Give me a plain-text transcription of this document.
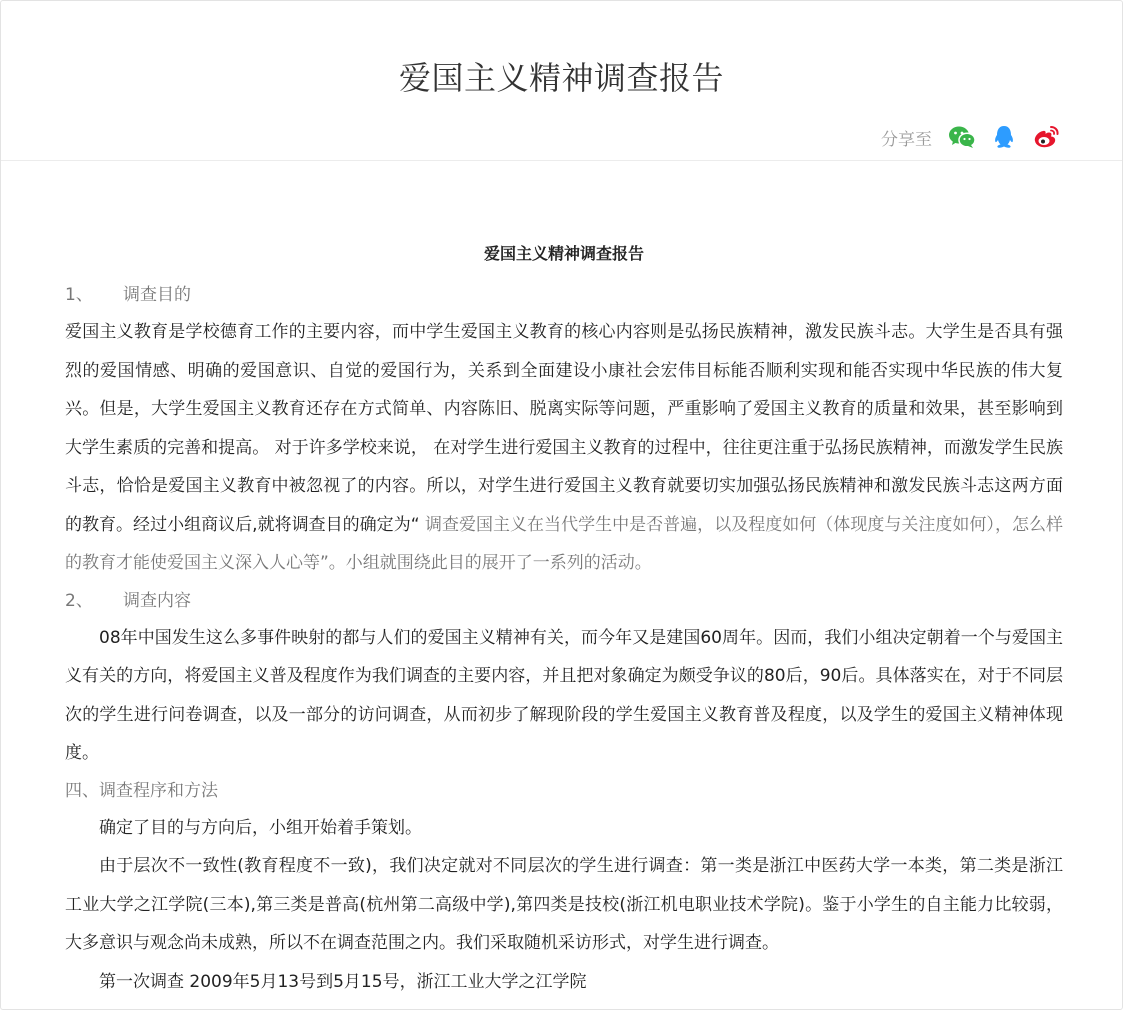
爱国主义精神调查报告
分享至
爱国主义精神调查报告

1、 调查目的

爱国主义教育是学校德育工作的主要内容，而中学生爱国主义教育的核心内容则是弘扬民族精神，激发民族斗志。大学生是否具有强烈的爱国情感、明确的爱国意识、自觉的爱国行为，关系到全面建设小康社会宏伟目标能否顺利实现和能否实现中华民族的伟大复兴。但是，大学生爱国主义教育还存在方式简单、内容陈旧、脱离实际等问题，严重影响了爱国主义教育的质量和效果，甚至影响到大学生素质的完善和提高。 对于许多学校来说， 在对学生进行爱国主义教育的过程中，往往更注重于弘扬民族精神，而激发学生民族斗志，恰恰是爱国主义教育中被忽视了的内容。所以，对学生进行爱国主义教育就要切实加强弘扬民族精神和激发民族斗志这两方面的教育。经过小组商议后,就将调查目的确定为“ 调查爱国主义在当代学生中是否普遍，以及程度如何（体现度与关注度如何），怎么样的教育才能使爱国主义深入人心等”。小组就围绕此目的展开了一系列的活动。

2、 调查内容

08年中国发生这么多事件映射的都与人们的爱国主义精神有关，而今年又是建国60周年。因而，我们小组决定朝着一个与爱国主义有关的方向，将爱国主义普及程度作为我们调查的主要内容，并且把对象确定为颇受争议的80后，90后。具体落实在，对于不同层次的学生进行问卷调查，以及一部分的访问调查，从而初步了解现阶段的学生爱国主义教育普及程度，以及学生的爱国主义精神体现度。

四、调查程序和方法

确定了目的与方向后，小组开始着手策划。

由于层次不一致性(教育程度不一致)，我们决定就对不同层次的学生进行调查：第一类是浙江中医药大学一本类，第二类是浙江工业大学之江学院(三本),第三类是普高(杭州第二高级中学),第四类是技校(浙江机电职业技术学院)。鉴于小学生的自主能力比较弱，大多意识与观念尚未成熟，所以不在调查范围之内。我们采取随机采访形式，对学生进行调查。

第一次调查 2009年5月13号到5月15号，浙江工业大学之江学院
